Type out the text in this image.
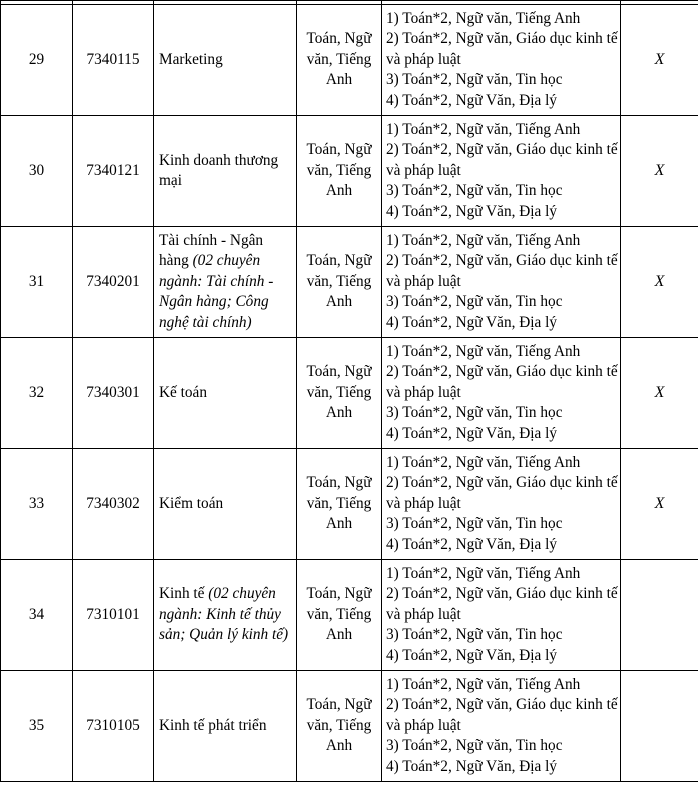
29	7340115	Marketing	Toán, Ngữ văn, Tiếng Anh	1) Toán*2, Ngữ văn, Tiếng Anh
2) Toán*2, Ngữ văn, Giáo dục kinh tế và pháp luật
3) Toán*2, Ngữ văn, Tin học
4) Toán*2, Ngữ Văn, Địa lý	X
30	7340121	Kinh doanh thương mại	Toán, Ngữ văn, Tiếng Anh	1) Toán*2, Ngữ văn, Tiếng Anh
2) Toán*2, Ngữ văn, Giáo dục kinh tế và pháp luật
3) Toán*2, Ngữ văn, Tin học
4) Toán*2, Ngữ Văn, Địa lý	X
31	7340201	Tài chính - Ngân hàng (02 chuyên ngành: Tài chính - Ngân hàng; Công nghệ tài chính)	Toán, Ngữ văn, Tiếng Anh	1) Toán*2, Ngữ văn, Tiếng Anh
2) Toán*2, Ngữ văn, Giáo dục kinh tế và pháp luật
3) Toán*2, Ngữ văn, Tin học
4) Toán*2, Ngữ Văn, Địa lý	X
32	7340301	Kế toán	Toán, Ngữ văn, Tiếng Anh	1) Toán*2, Ngữ văn, Tiếng Anh
2) Toán*2, Ngữ văn, Giáo dục kinh tế và pháp luật
3) Toán*2, Ngữ văn, Tin học
4) Toán*2, Ngữ Văn, Địa lý	X
33	7340302	Kiểm toán	Toán, Ngữ văn, Tiếng Anh	1) Toán*2, Ngữ văn, Tiếng Anh
2) Toán*2, Ngữ văn, Giáo dục kinh tế và pháp luật
3) Toán*2, Ngữ văn, Tin học
4) Toán*2, Ngữ Văn, Địa lý	X
34	7310101	Kinh tế (02 chuyên ngành: Kinh tế thủy sản; Quản lý kinh tế)	Toán, Ngữ văn, Tiếng Anh	1) Toán*2, Ngữ văn, Tiếng Anh
2) Toán*2, Ngữ văn, Giáo dục kinh tế và pháp luật
3) Toán*2, Ngữ văn, Tin học
4) Toán*2, Ngữ Văn, Địa lý	

35	7310105	Kinh tế phát triển	Toán, Ngữ văn, Tiếng Anh	1) Toán*2, Ngữ văn, Tiếng Anh
2) Toán*2, Ngữ văn, Giáo dục kinh tế và pháp luật
3) Toán*2, Ngữ văn, Tin học
4) Toán*2, Ngữ Văn, Địa lý	
